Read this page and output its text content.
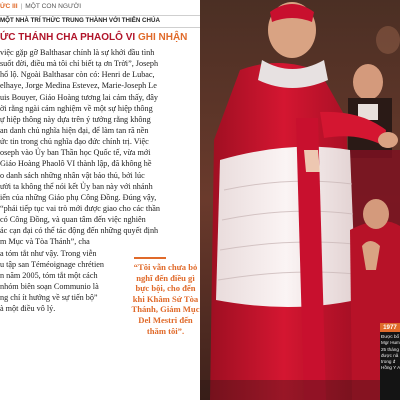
ỨC III | MỘT CON NGƯỜI
MỘT NHÀ TRÍ THỨC TRUNG THÀNH VỚI THIÊN CHÚA
ỨC THÁNH CHA PHAOLÔ VI GHI NHẬN
việc gặp gỡ Balthasar chính là sự khởi đầu tình
suốt đời, điều mà tôi chỉ biết tạ ơn Trời”, Joseph
hổ lộ. Ngoài Balthasar còn có: Henri de Lubac,
elhaye, Jorge Medina Estevez, Marie-Joseph Le
uis Bouyer, Giáo Hoàng tương lai cảm thấy, đây
ời rằng ngài cảm nghiệm về một sự hiệp thông
ự hiệp thông này dựa trên ý tưởng rằng không
an danh chủ nghĩa hiện đại, để làm tan rã nền
ức tin trong chủ nghĩa đạo đức chính trị. Việc
oseph vào Ủy ban Thần học Quốc tế, vừa mới
Giáo Hoàng Phaolô VI thành lập, đã không hề
o danh sách những nhân vật bảo thủ, bởi lúc
ười ta không thể nói kết Ủy ban này với nhánh
iến của những Giáo phụ Công Đồng. Đúng vậy,
“phái tiếp tục vai trò mới được giao cho các thần
có Công Đồng, và quan tâm đến việc nghiên
ác cạn đại có thể tác động đến những quyết định
m Mục và Tòa Thánh”, cha
a tóm tắt như vậy. Trong viễn
u tập san Téméoignage chrétien
n năm 2005, tóm tắt một cách
nhóm biên soạn Communio là
ng chỉ ít hướng về sự tiến bộ”
à một điều vô lý.
“Tôi vẫn chưa bỏ nghĩ đến điều gì bực bội, cho đến khi Khâm Sứ Tòa Thánh, Giám Mục Del Mestri đến thăm tôi”.	1977
Được bổ
Mgr Hum
25 tháng
được nâ
trong đ
Hồng Y A
